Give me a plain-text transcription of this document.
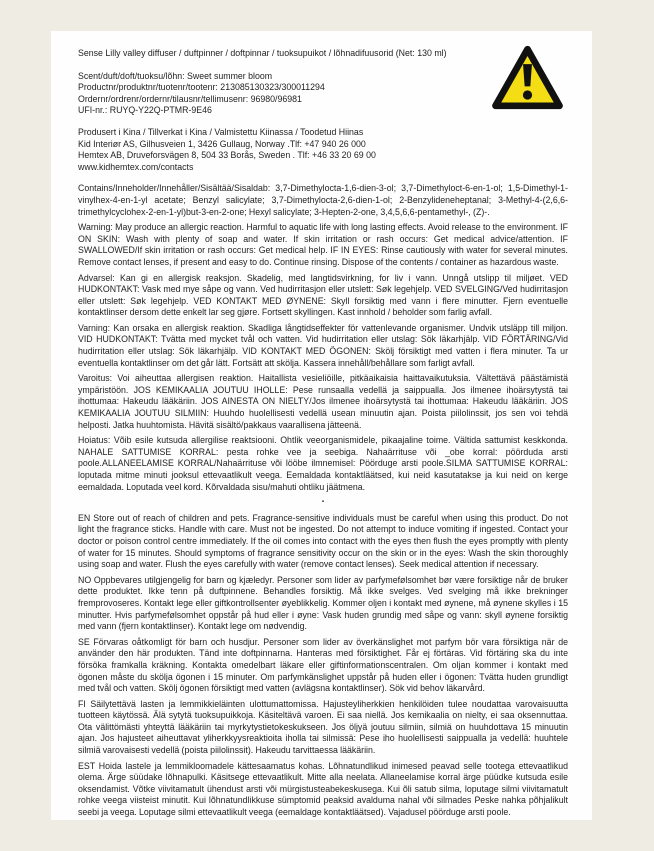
Sense Lilly valley diffuser / duftpinner / doftpinnar / tuoksupuikot / lõhnadifuusorid (Net: 130 ml)
Scent/duft/doft/tuoksu/lõhn: Sweet summer bloom
Productnr/produktnr/tuotenr/tootenr: 213085130323/300011294
Ordernr/ordrenr/ordernr/tilausnr/tellimusenr: 96980/96981
UFI-nr.: RUYQ-Y22Q-PTMR-9E46
Produsert i Kina / Tillverkat i Kina / Valmistettu Kiinassa / Toodetud Hiinas
Kid Interiør AS, Gilhusveien 1, 3426 Gullaug, Norway .Tlf: +47 940 26 000
Hemtex AB, Druveforsvägen 8, 504 33 Borås, Sweden . Tlf: +46 33 20 69 00
www.kidhemtex.com/contacts

Contains/Inneholder/Innehåller/Sisältää/Sisaldab: 3,7-Dimethylocta-1,6-dien-3-ol; 3,7-Dimethyloct-6-en-1-ol; 1,5-Dimethyl-1-vinylhex-4-en-1-yl acetate; Benzyl salicylate; 3,7-Dimethylocta-2,6-dien-1-ol; 2-Benzylideneheptanal; 3-Methyl-4-(2,6,6-trimethylcyclohex-2-en-1-yl)but-3-en-2-one; Hexyl salicylate; 3-Hepten-2-one, 3,4,5,6,6-pentamethyl-, (Z)-.

Warning: May produce an allergic reaction. Harmful to aquatic life with long lasting effects. Avoid release to the environment. IF ON SKIN: Wash with plenty of soap and water. If skin irritation or rash occurs: Get medical advice/attention. IF SWALLOWED/If skin irritation or rash occurs: Get medical help. IF IN EYES: Rinse cautiously with water for several minutes. Remove contact lenses, if present and easy to do. Continue rinsing. Dispose of the contents / container as hazardous waste.

Advarsel: Kan gi en allergisk reaksjon. Skadelig, med langtidsvirkning, for liv i vann. Unngå utslipp til miljøet. VED HUDKONTAKT: Vask med mye såpe og vann. Ved hudirritasjon eller utslett: Søk legehjelp. VED SVELGING/Ved hudirritasjon eller utslett: Søk legehjelp. VED KONTAKT MED ØYNENE: Skyll forsiktig med vann i flere minutter. Fjern eventuelle kontaktlinser dersom dette enkelt lar seg gjøre. Fortsett skyllingen. Kast innhold / beholder som farlig avfall.

Varning: Kan orsaka en allergisk reaktion. Skadliga långtidseffekter för vattenlevande organismer. Undvik utsläpp till miljon. VID HUDKONTAKT: Tvätta med mycket tvål och vatten. Vid hudirritation eller utslag: Sök läkarhjälp. VID FÖRTÄRING/Vid hudirritation eller utslag: Sök läkarhjälp. VID KONTAKT MED ÖGONEN: Skölj försiktigt med vatten i flera minuter. Ta ur eventuella kontaktlinser om det går lätt. Fortsätt att skölja. Kassera innehåll/behållare som farligt avfall.

Varoitus: Voi aiheuttaa allergisen reaktion. Haitallista vesieliöille, pitkäaikaisia haittavaikutuksia. Vältettävä päästämistä ympäristöön. JOS KEMIKAALIA JOUTUU IHOLLE: Pese runsaalla vedellä ja saippualla. Jos ilmenee ihoärsytystä tai ihottumaa: Hakeudu lääkäriin. JOS AINESTA ON NIELTY/Jos ilmenee ihoärsytystä tai ihottumaa: Hakeudu lääkäriin. JOS KEMIKAALIA JOUTUU SILMIIN: Huuhdo huolellisesti vedellä usean minuutin ajan. Poista piilolinssit, jos sen voi tehdä helposti. Jatka huuhtomista. Hävitä sisältö/pakkaus vaarallisena jätteenä.

Hoiatus: Võib esile kutsuda allergilise reaktsiooni. Ohtlik veeorganismidele, pikaajaline toime. Vältida sattumist keskkonda. NAHALE SATTUMISE KORRAL: pesta rohke vee ja seebiga. Nahaärrituse või _obe korral: pöörduda arsti poole.ALLANEELAMISE KORRAL/Nahaärrituse või lööbe ilmnemisel: Pöörduge arsti poole.SILMA SATTUMISE KORRAL: loputada mitme minuti jooksul ettevaatlikult veega. Eemaldada kontaktläätsed, kui neid kasutatakse ja kui neid on kerge eemaldada. Loputada veel kord. Kõrvaldada sisu/mahuti ohtliku jäätmena.

▪

EN Store out of reach of children and pets. Fragrance-sensitive individuals must be careful when using this product. Do not light the fragrance sticks. Handle with care. Must not be ingested. Do not attempt to induce vomiting if ingested. Contact your doctor or poison control centre immediately. If the oil comes into contact with the eyes then flush the eyes promptly with plenty of water for 15 minutes. Should symptoms of fragrance sensitivity occur on the skin or in the eyes: Wash the skin thoroughly using soap and water. Flush the eyes carefully with water (remove contact lenses). Seek medical attention if necessary.

NO Oppbevares utilgjengelig for barn og kjæledyr. Personer som lider av parfymefølsomhet bør være forsiktige når de bruker dette produktet. Ikke tenn på duftpinnene. Behandles forsiktig. Må ikke svelges. Ved svelging må ikke brekninger fremprovoseres. Kontakt lege eller giftkontrollsenter øyeblikkelig. Kommer oljen i kontakt med øynene, må øynene skylles i 15 minutter. Hvis parfymefølsomhet oppstår på hud eller i øyne: Vask huden grundig med såpe og vann: skyll øynene forsiktig med vann (fjern kontaktlinser). Kontakt lege om nødvendig.

SE Förvaras oåtkomligt för barn och husdjur. Personer som lider av överkänslighet mot parfym bör vara försiktiga när de använder den här produkten. Tänd inte doftpinnarna. Hanteras med försiktighet. Får ej förtäras. Vid förtäring ska du inte försöka framkalla kräkning. Kontakta omedelbart läkare eller giftinformationscentralen. Om oljan kommer i kontakt med ögonen måste du skölja ögonen i 15 minuter. Om parfymkänslighet uppstår på huden eller i ögonen: Tvätta huden grundligt med tvål och vatten. Skölj ögonen försiktigt med vatten (avlägsna kontaktlinser). Sök vid behov läkarvård.

FI Säilytettävä lasten ja lemmikkieläinten ulottumattomissa. Hajusteyliherkkien henkilöiden tulee noudattaa varovaisuutta tuotteen käytössä. Älä sytytä tuoksupuikkoja. Käsiteltävä varoen. Ei saa niellä. Jos kemikaalia on nielty, ei saa oksennuttaa. Ota välittömästi yhteyttä lääkäriin tai myrkytystietokeskukseen. Jos öljyä joutuu silmiin, silmiä on huuhdottava 15 minuutin ajan. Jos hajusteet aiheuttavat yliherkkyysreaktioita iholla tai silmissä: Pese iho huolellisesti saippualla ja vedellä: huuhtele silmiä varovaisesti vedellä (poista piilolinssit). Hakeudu tarvittaessa lääkäriin.

EST Hoida lastele ja lemmikloomadele kättesaamatus kohas. Lõhnatundlikud inimesed peavad selle tootega ettevaatlikud olema. Ärge süüdake lõhnapulki. Käsitsege ettevaatlikult. Mitte alla neelata. Allaneelamise korral ärge püüdke kutsuda esile oksendamist. Võtke viivitamatult ühendust arsti või mürgistusteabekeskusega. Kui õli satub silma, loputage silmi viivitamatult rohke veega viisteist minutit. Kui lõhnatundlikkuse sümptomid peaksid avalduma nahal või silmades Peske nahka põhjalikult seebi ja veega. Loputage silmi ettevaatlikult veega (eemaldage kontaktläätsed). Vajadusel pöörduge arsti poole.
